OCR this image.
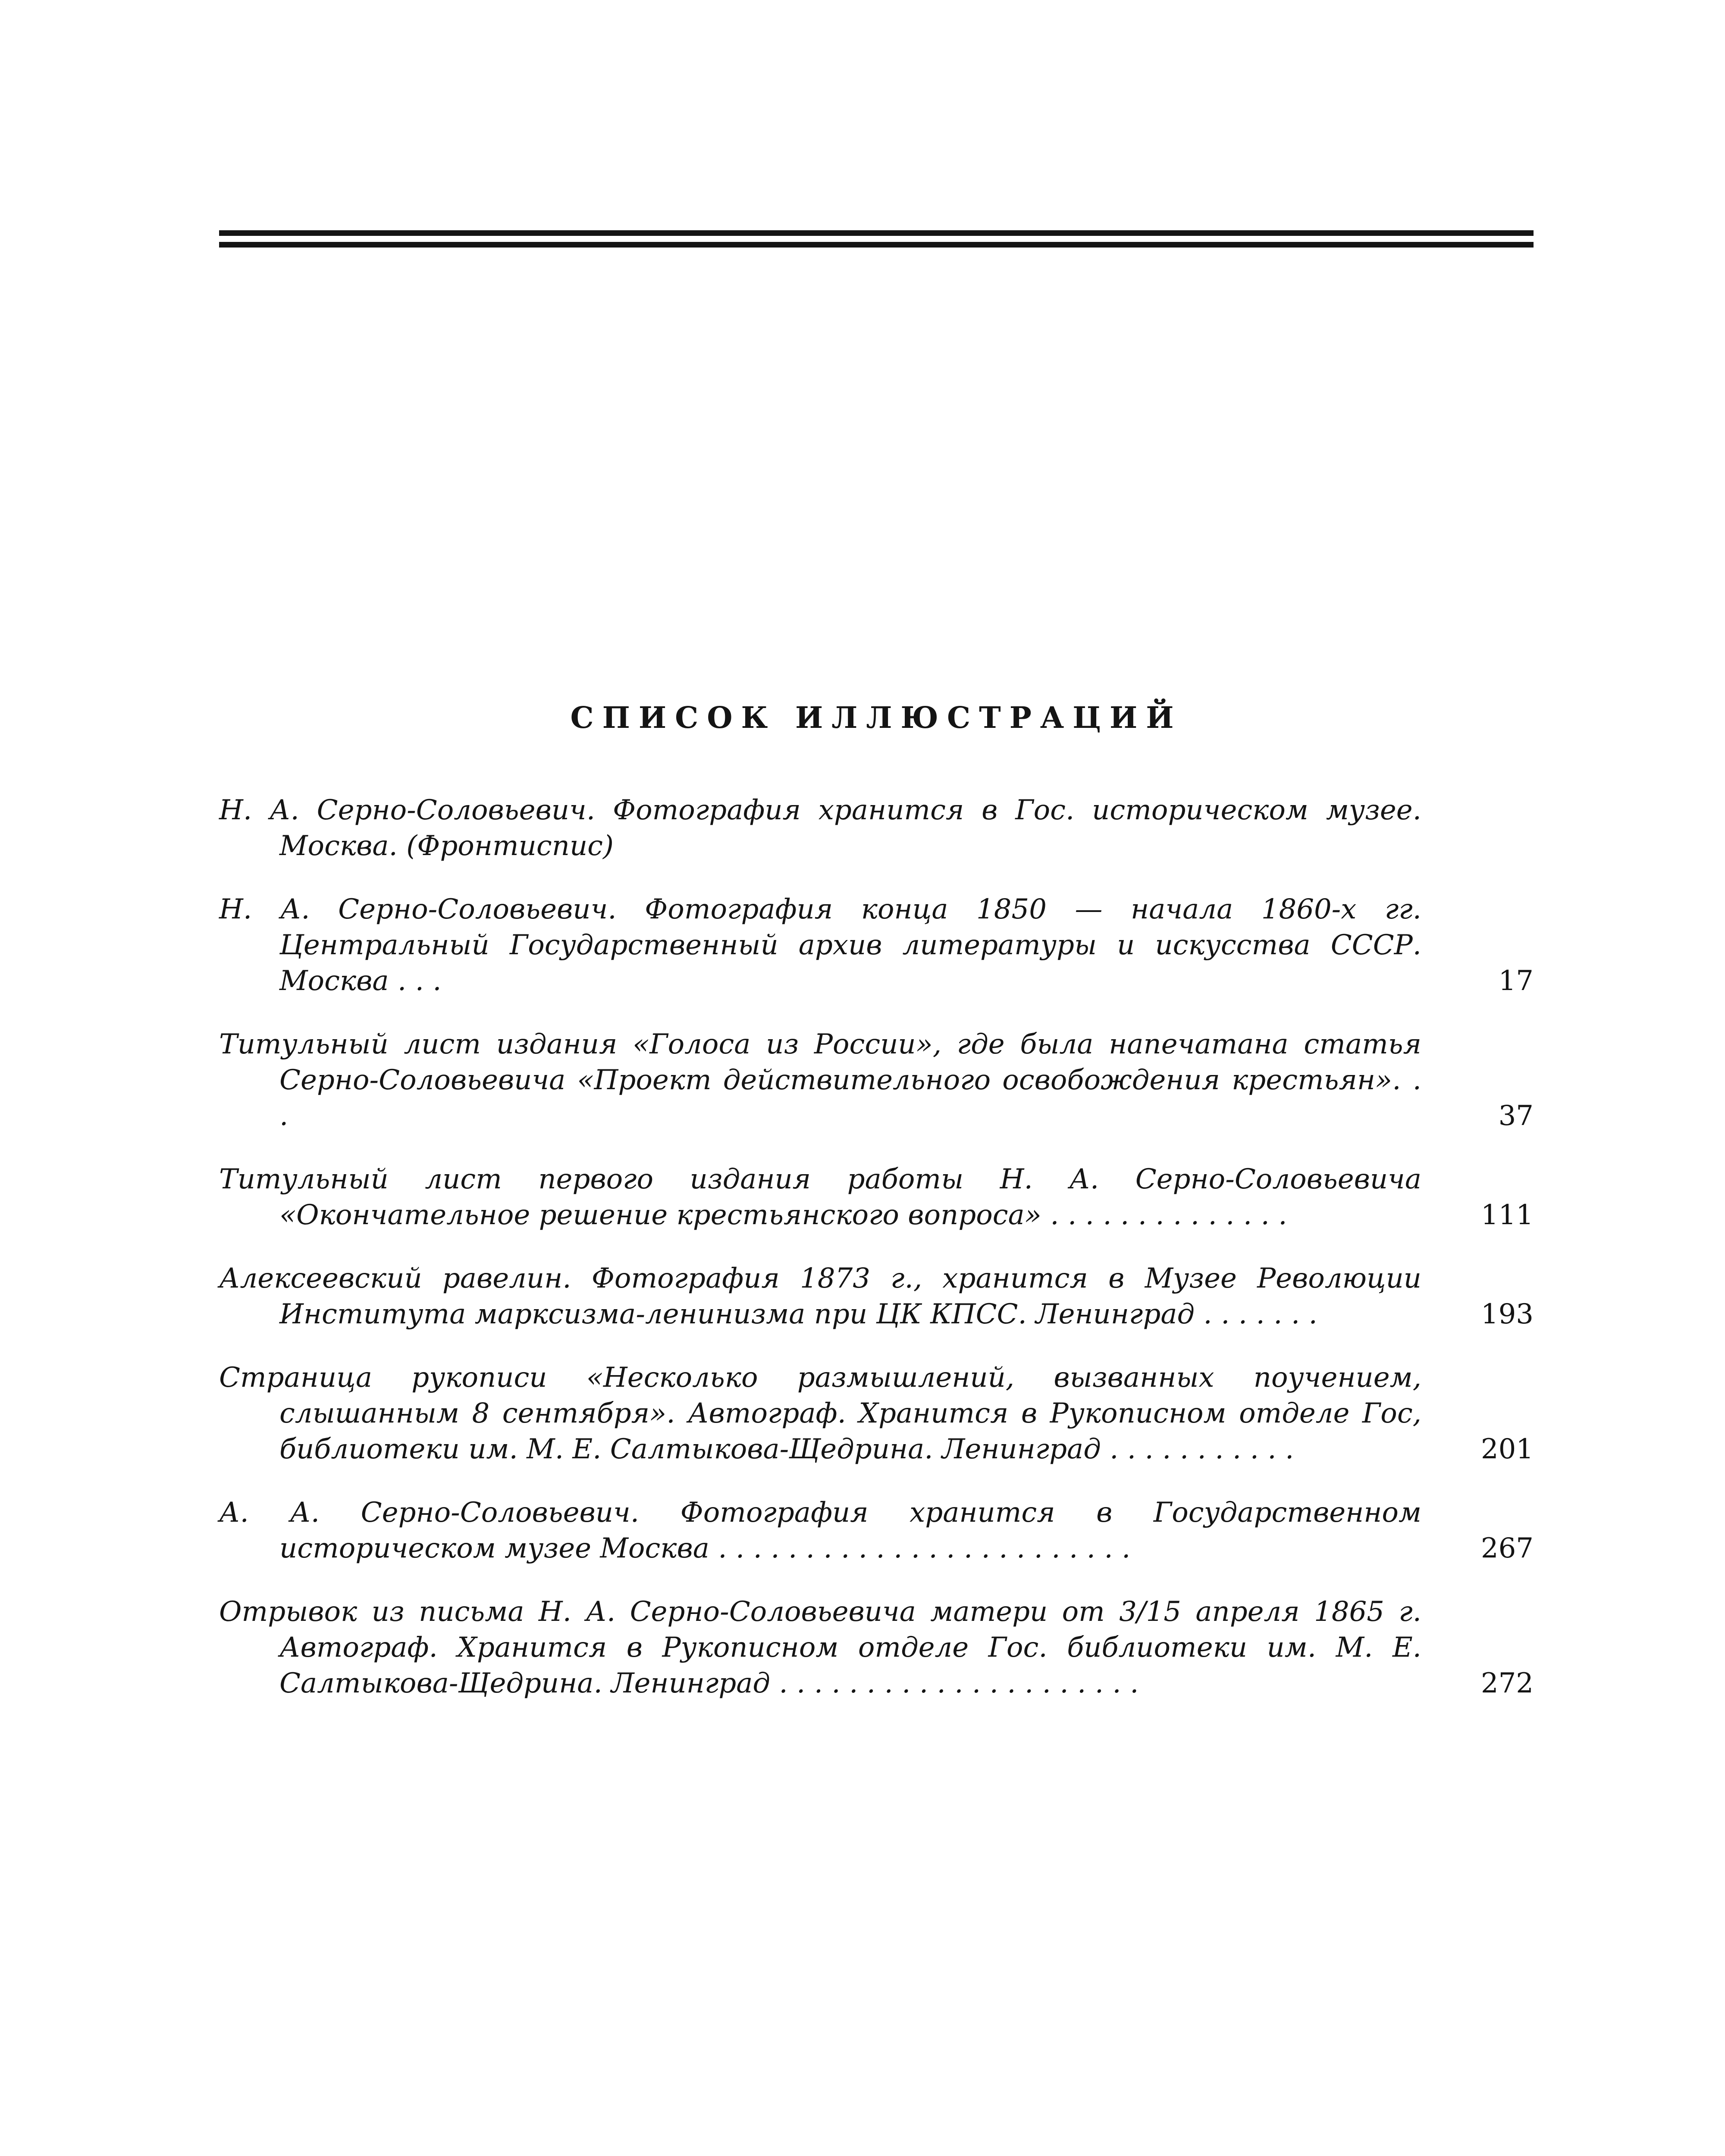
СПИСОК ИЛЛЮСТРАЦИЙ
Н. А. Серно-Соловьевич. Фотография хранится в Гос. историческом музее. Москва. (Фронтиспис)
Н. А. Серно-Соловьевич. Фотография конца 1850 — начала 1860-х гг. Центральный Государственный архив литературы и искусства СССР. Москва . . .	17
Титульный лист издания «Голоса из России», где была напечатана статья Серно-Соловьевича «Проект действительного освобождения крестьян». . .	37
Титульный лист первого издания работы Н. А. Серно-Соловьевича «Окончательное решение крестьянского вопроса» . . . . . . . . . . . . . .	111
Алексеевский равелин. Фотография 1873 г., хранится в Музее Революции Института марксизма-ленинизма при ЦК КПСС. Ленинград . . . . . . .	193
Страница рукописи «Несколько размышлений, вызванных поучением, слышанным 8 сентября». Автограф. Хранится в Рукописном отделе Гос, библиотеки им. М. Е. Салтыкова-Щедрина. Ленинград . . . . . . . . . . .	201
А. А. Серно-Соловьевич. Фотография хранится в Государственном историческом музее Москва . . . . . . . . . . . . . . . . . . . . . . . .	267
Отрывок из письма Н. А. Серно-Соловьевича матери от 3/15 апреля 1865 г. Автограф. Хранится в Рукописном отделе Гос. библиотеки им. М. Е. Салтыкова-Щедрина. Ленинград . . . . . . . . . . . . . . . . . . . . .	272
